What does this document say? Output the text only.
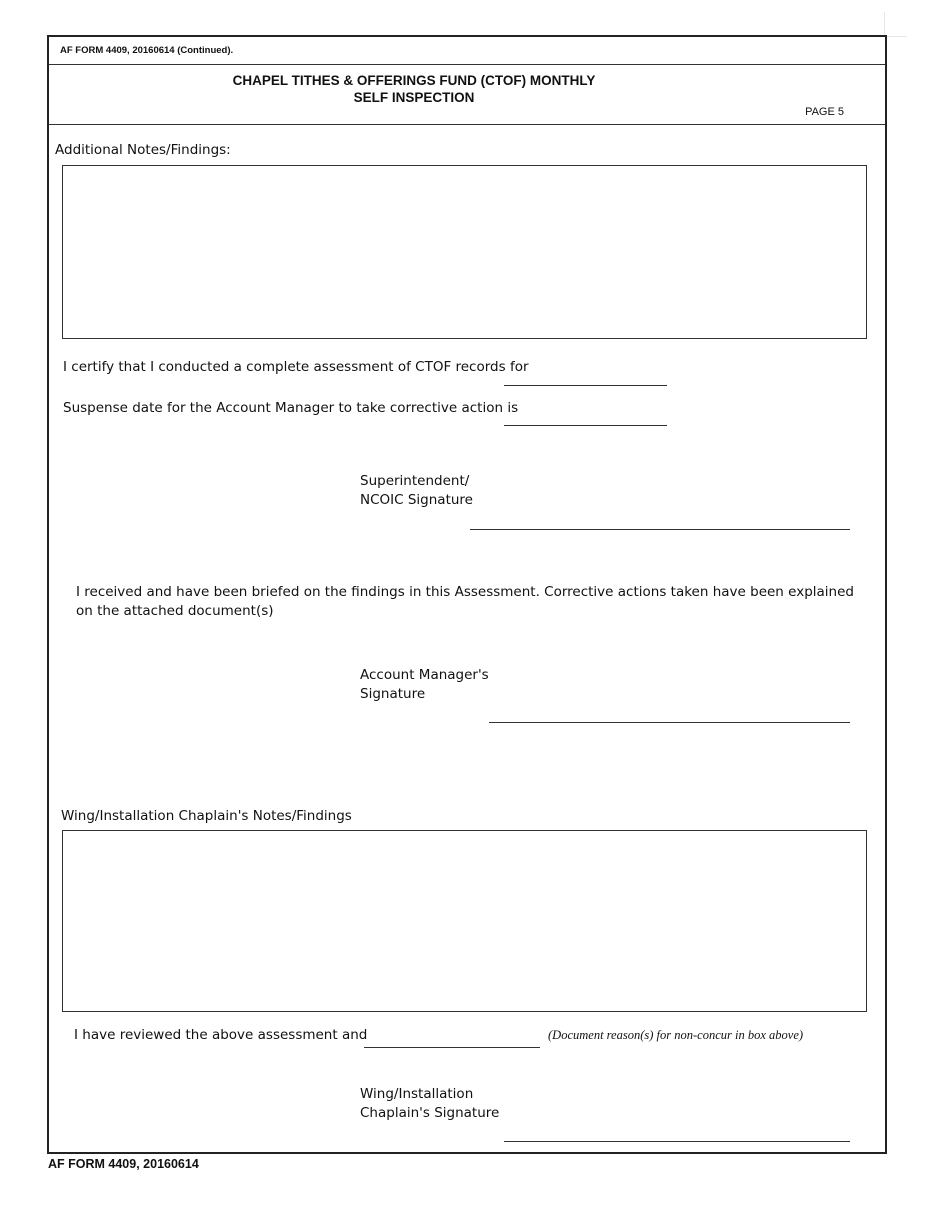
AF FORM 4409, 20160614 (Continued).
CHAPEL TITHES & OFFERINGS FUND (CTOF) MONTHLY
SELF INSPECTION
PAGE 5
Additional Notes/Findings:
I certify that I conducted a complete assessment of CTOF records for
Suspense date for the Account Manager to take corrective action is
Superintendent/
NCOIC Signature
I received and have been briefed on the findings in this Assessment. Corrective actions taken have been explained on the attached document(s)
Account Manager's
Signature
Wing/Installation Chaplain's Notes/Findings
I have reviewed the above assessment and	(Document reason(s) for non-concur in box above)
Wing/Installation
Chaplain's Signature
AF FORM 4409, 20160614
